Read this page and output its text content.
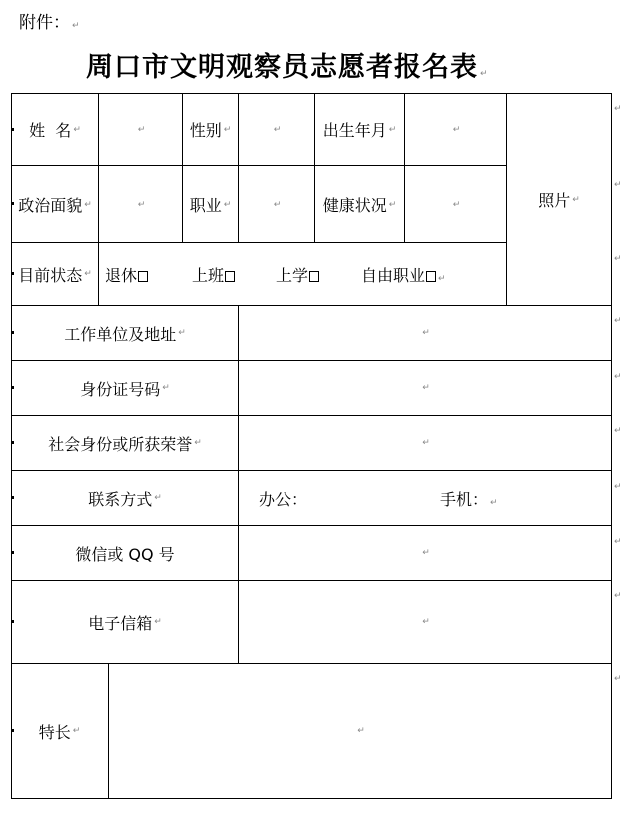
附件： ↵
周口市文明观察员志愿者报名表 ↵
姓  名 ↵	↵	性别 ↵	↵	出生年月 ↵	↵
政治面貌 ↵	↵	职业 ↵	↵	健康状况 ↵	↵	照片 ↵
目前状态 ↵ 退休	上班	上学	自由职业 ↵
工作单位及地址 ↵	↵
身份证号码 ↵	↵
社会身份或所获荣誉 ↵	↵
联系方式 ↵	办公：	手机： ↵
微信或 QQ 号	↵
电子信箱 ↵	↵
特长 ↵	↵
↵
↵
↵
↵
↵
↵
↵
↵
↵
↵
